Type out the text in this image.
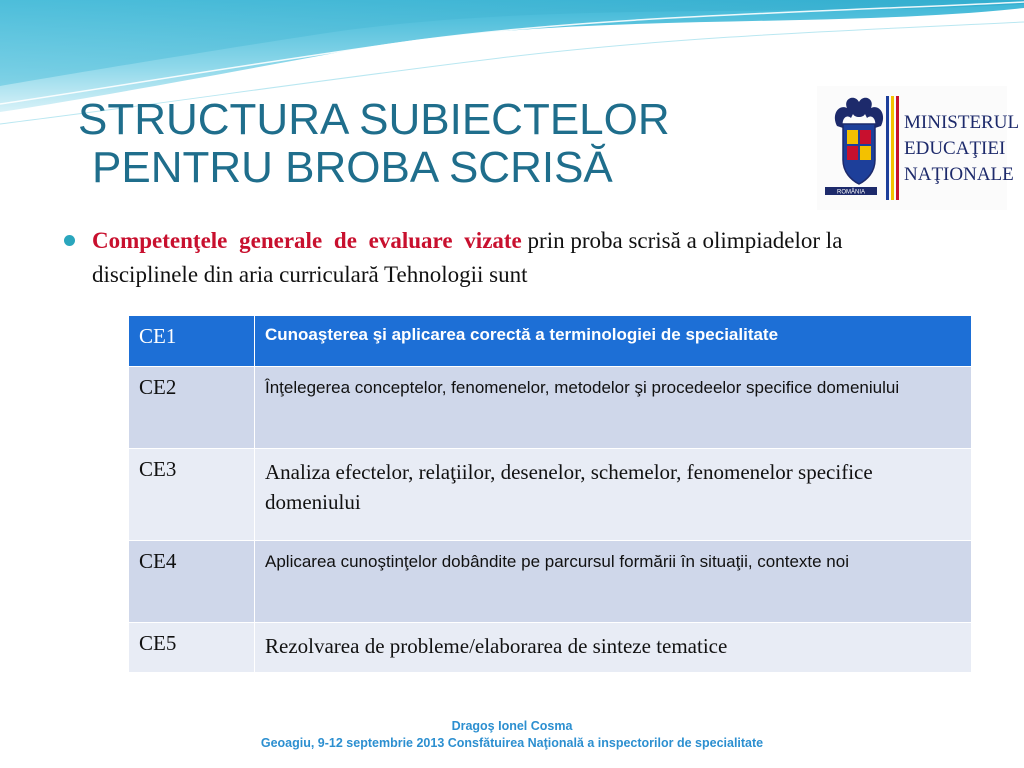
STRUCTURA SUBIECTELOR
PENTRU BROBA SCRISĂ
ROMÂNIA
MINISTERUL
EDUCAŢIEI
NAŢIONALE
Competenţele generale de evaluare vizate prin proba scrisă a olimpiadelor la disciplinele din aria curriculară Tehnologii sunt
CE1	Cunoaşterea şi aplicarea corectă a terminologiei de specialitate
CE2	Înţelegerea conceptelor, fenomenelor, metodelor şi procedeelor specifice domeniului
CE3	Analiza efectelor, relaţiilor, desenelor, schemelor, fenomenelor specifice domeniului
CE4	Aplicarea cunoştinţelor dobândite pe parcursul formării în situaţii, contexte noi
CE5	Rezolvarea de probleme/elaborarea de sinteze tematice
Dragoş Ionel Cosma
Geoagiu, 9-12 septembrie 2013 Consfătuirea Naţională a inspectorilor de specialitate
